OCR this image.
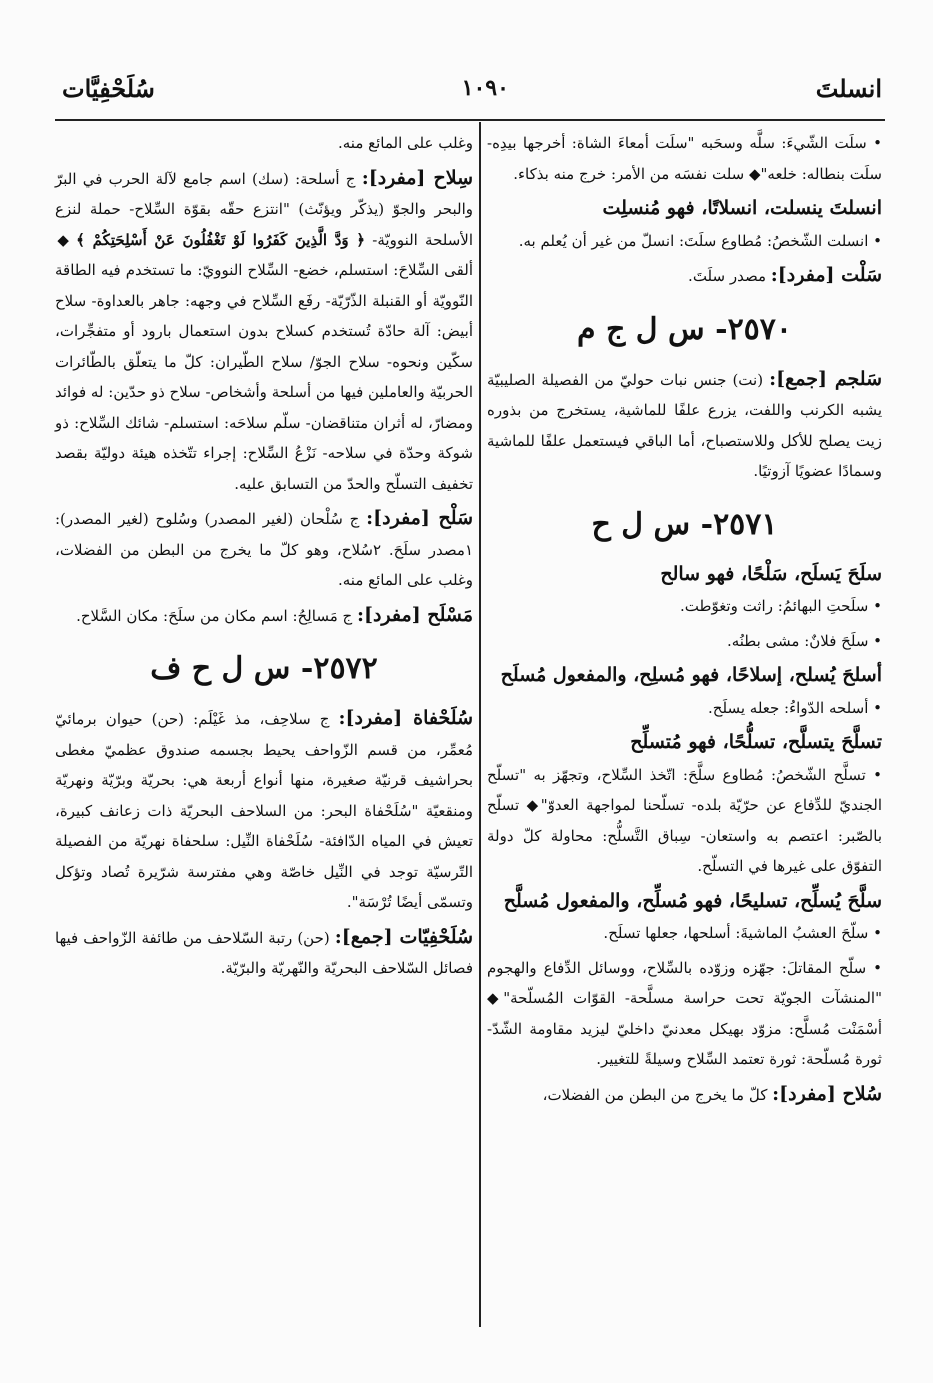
انسلتَ
١٠٩٠
سُلَحْفِيَّات

• سلَت الشّيءَ: سلَّه وسحَبه "سلَت أمعاءَ الشاة: أخرجها بيدِه- سلَت بنطاله: خلعه"◆ سلت نفسَه من الأمر: خرج منه بذكاء.

انسلتَ ينسلت، انسلاتًا، فهو مُنسلِت

• انسلت الشّخصُ: مُطاوع سلَتَ: انسلّ من غير أن يُعلم به.

سَلْت [مفرد]: مصدر سلَتَ.

٢٥٧٠- س ل ج م

سَلجم [جمع]: (نت) جنس نبات حوليّ من الفصيلة الصليبيّة يشبه الكرنب واللفت، يزرع علفًا للماشية، يستخرج من بذوره زيت يصلح للأكل وللاستصباح، أما الباقي فيستعمل علفًا للماشية وسمادًا عضويًا آزوتيًا.

٢٥٧١- س ل ح
سلَحَ يَسلَح، سَلْحًا، فهو سالح

• سلَحتِ البهائمُ: راثت وتغوّطت.

• سلَحَ فلانٌ: مشى بطنُه.

أسلحَ يُسلح، إسلاحًا، فهو مُسلِح، والمفعول مُسلَح

• أسلحه الدّواءُ: جعله يسلَح.

تسلَّحَ يتسلَّح، تسلُّحًا، فهو مُتسلِّح

• تسلَّح الشّخصُ: مُطاوع سلَّحَ: اتّخذ السِّلاح، وتجهّز به "تسلّح الجنديّ للدِّفاع عن حرّيّة بلده- تسلّحنا لمواجهة العدوّ"◆ تسلّح بالصّبر: اعتصم به واستعان- سِباق التَّسلُّح: محاولة كلّ دولة التفوّق على غيرها في التسلّح.

سلَّحَ يُسلِّح، تسليحًا، فهو مُسلِّح، والمفعول مُسلَّح

• سلّحَ العشبُ الماشيةَ: أسلحها، جعلها تسلَح.

• سلّح المقاتلَ: جهّزه وزوّده بالسِّلاح، ووسائل الدِّفاع والهجوم "المنشآت الجويّة تحت حراسة مسلَّحة- القوّات المُسلّحة"◆ أسْمَنْت مُسلَّح: مزوّد بهيكل معدنيّ داخليّ ليزيد مقاومة الشّدّ- ثورة مُسلّحة: ثورة تعتمد السِّلاح وسيلةً للتغيير.

سُلاح [مفرد]: كلّ ما يخرج من البطن من الفضلات،

وغلب على المائع منه.

سِلاح [مفرد]: ج أسلحة: (سك) اسم جامع لآلة الحرب في البرّ والبحر والجوّ (يذكّر ويؤنّث) "انتزع حقّه بقوّة السِّلاح- حملة لنزع الأسلحة النوويّة- ﴿ وَدَّ الَّذِينَ كَفَرُوا لَوْ تَغْفُلُونَ عَنْ أَسْلِحَتِكُمْ ﴾ ◆ ألقى السِّلاحَ: استسلم، خضع- السِّلاح النوويّ: ما تستخدم فيه الطاقة النّوويّة أو القنبلة الذّرّيّة- رفَع السِّلاح في وجهه: جاهر بالعداوة- سلاح أبيض: آلة حادّة تُستخدم كسلاح بدون استعمال بارود أو متفجِّرات، سكّين ونحوه- سلاح الجوّ/ سلاح الطّيران: كلّ ما يتعلّق بالطّائرات الحربيّة والعاملين فيها من أسلحة وأشخاص- سلاح ذو حدّين: له فوائد ومضارّ، له أثران متناقضان- سلّم سلاحَه: استسلم- شائك السِّلاح: ذو شوكة وحدّة في سلاحه- نَزْعُ السِّلاح: إجراء تتّخذه هيئة دوليّة بقصد تخفيف التسلّح والحدّ من التسابق عليه.

سَلْح [مفرد]: ج سُلْحان (لغير المصدر) وسُلوح (لغير المصدر): ١مصدر سلَحَ. ٢سُلاح، وهو كلّ ما يخرج من البطن من الفضلات، وغلب على المائع منه.

مَسْلَح [مفرد]: ج مَسالِحُ: اسم مكان من سلَحَ: مكان السَّلاح.

٢٥٧٢- س ل ح ف

سُلَحْفاة [مفرد]: ج سلاحِف، مذ غَيْلَم: (حن) حيوان برمائيّ مُعمِّر، من قسم الزّواحف يحيط بجسمه صندوق عظميّ مغطى بحراشيف قرنيّة صغيرة، منها أنواع أربعة هي: بحريّة وبرّيّة ونهريّة ومنقعيّة "سُلَحْفاة البحر: من السلاحف البحريّة ذات زعانف كبيرة، تعيش في المياه الدّافئة- سُلَحْفاة النِّيل: سلحفاة نهريّة من الفصيلة التّرسيّة توجد في النِّيل خاصّة وهي مفترسة شرّيرة تُصاد وتؤكل وتسمّى أيضًا تُرْسَة".

سُلَحْفِيّات [جمع]: (حن) رتبة السّلاحف من طائفة الزّواحف فيها فصائل السّلاحف البحريّة والنّهريّة والبرّيّة.
